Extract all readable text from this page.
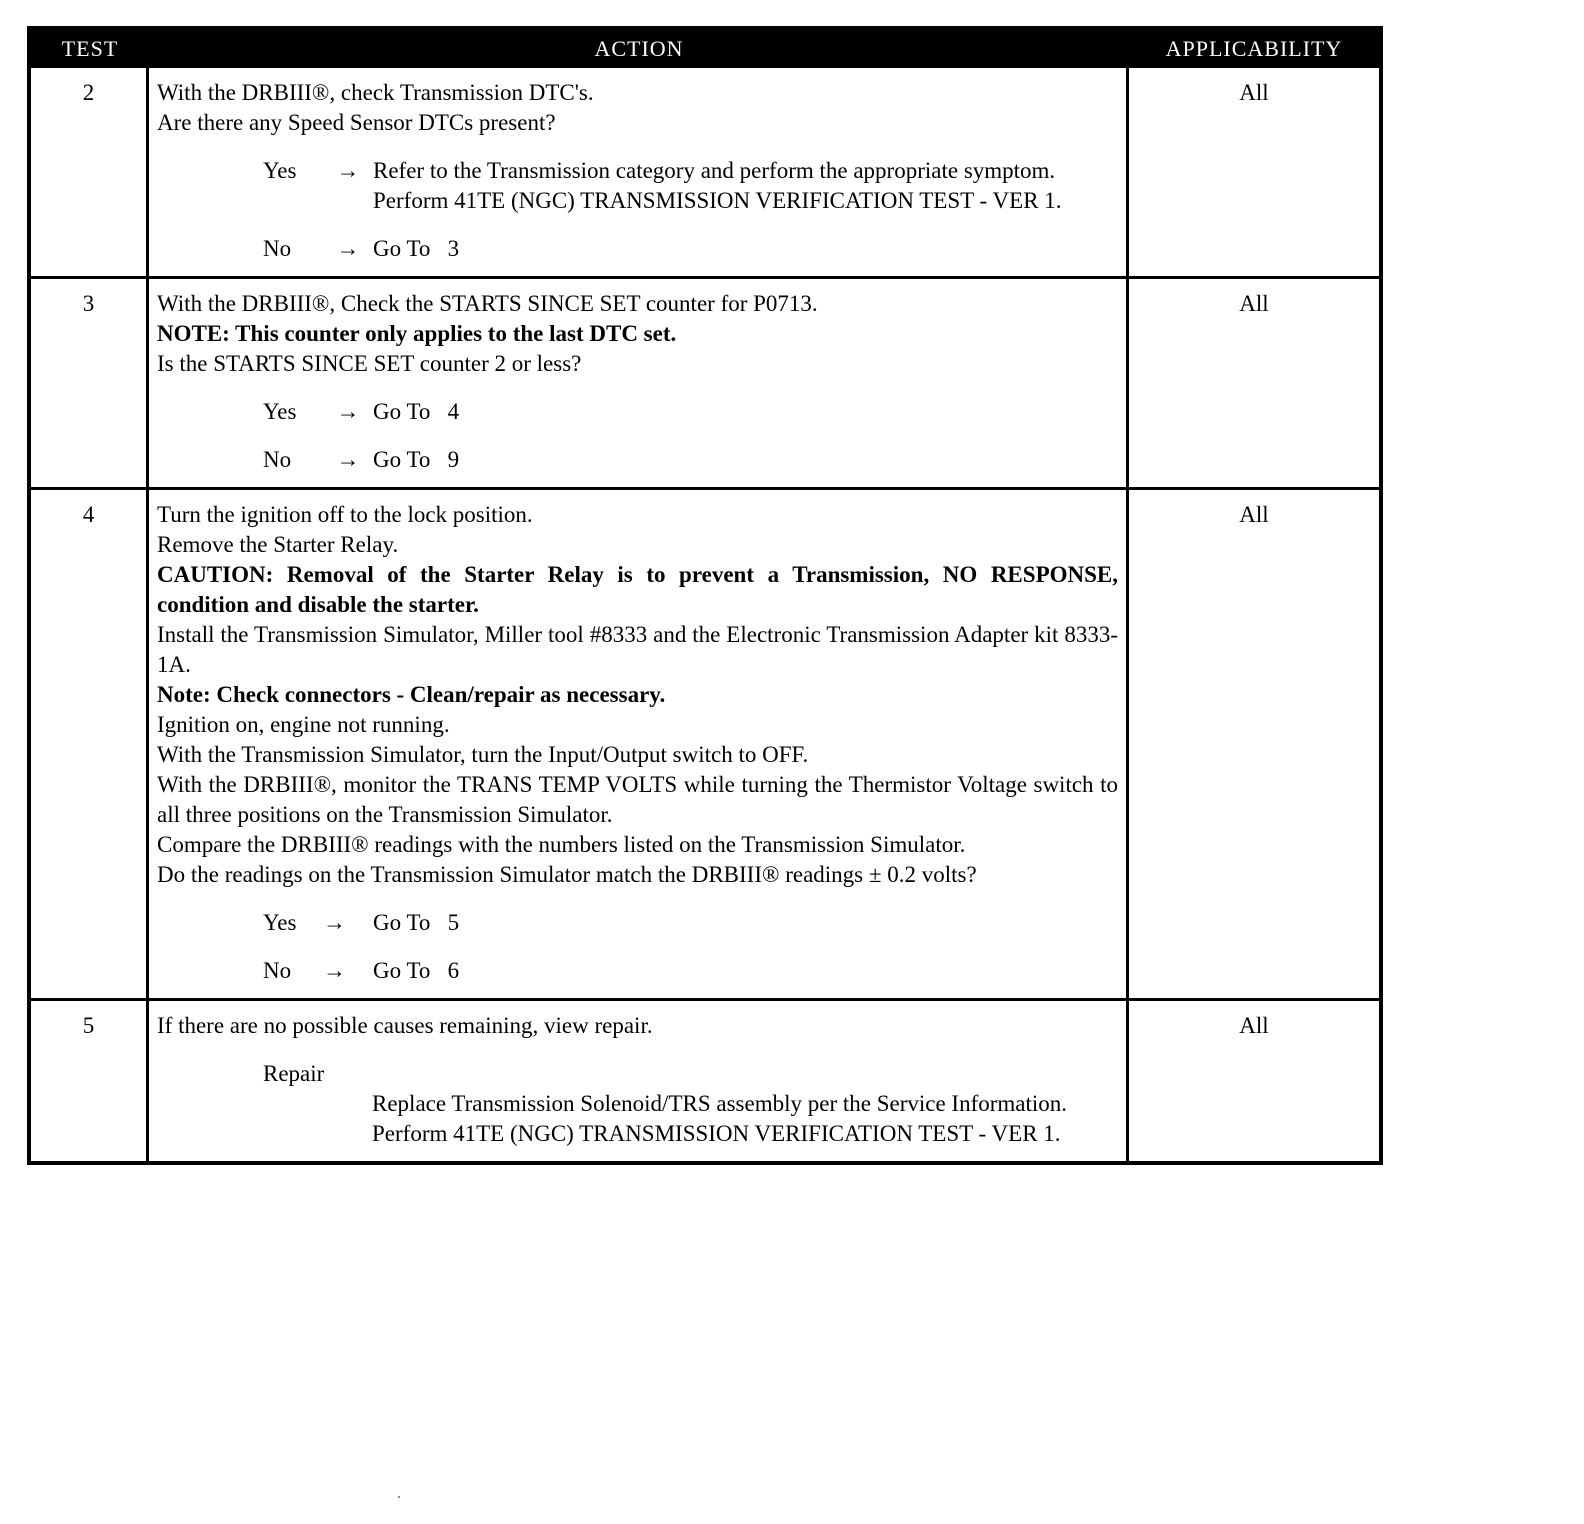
TEST	ACTION	APPLICABILITY
2	With the DRBIII®, check Transmission DTC's.
Are there any Speed Sensor DTCs present?
Yes	→ Refer to the Transmission category and perform the appropriate symptom.
Perform 41TE (NGC) TRANSMISSION VERIFICATION TEST - VER 1.
No	→ Go To   3
All
3	With the DRBIII®, Check the STARTS SINCE SET counter for P0713.
NOTE: This counter only applies to the last DTC set.
Is the STARTS SINCE SET counter 2 or less?
Yes	→ Go To   4
No	→ Go To   9
All
4	Turn the ignition off to the lock position.
Remove the Starter Relay.
CAUTION: Removal of the Starter Relay is to prevent a Transmission, NO RESPONSE, condition and disable the starter.
Install the Transmission Simulator, Miller tool #8333 and the Electronic Transmission Adapter kit 8333-1A.
Note: Check connectors - Clean/repair as necessary.
Ignition on, engine not running.
With the Transmission Simulator, turn the Input/Output switch to OFF.
With the DRBIII®, monitor the TRANS TEMP VOLTS while turning the Thermistor Voltage switch to all three positions on the Transmission Simulator.
Compare the DRBIII® readings with the numbers listed on the Transmission Simulator.
Do the readings on the Transmission Simulator match the DRBIII® readings ± 0.2 volts?
Yes	→	Go To   5
No	→	Go To   6
All
5	If there are no possible causes remaining, view repair.
Repair
Replace Transmission Solenoid/TRS assembly per the Service Information.
Perform 41TE (NGC) TRANSMISSION VERIFICATION TEST - VER 1.
All
